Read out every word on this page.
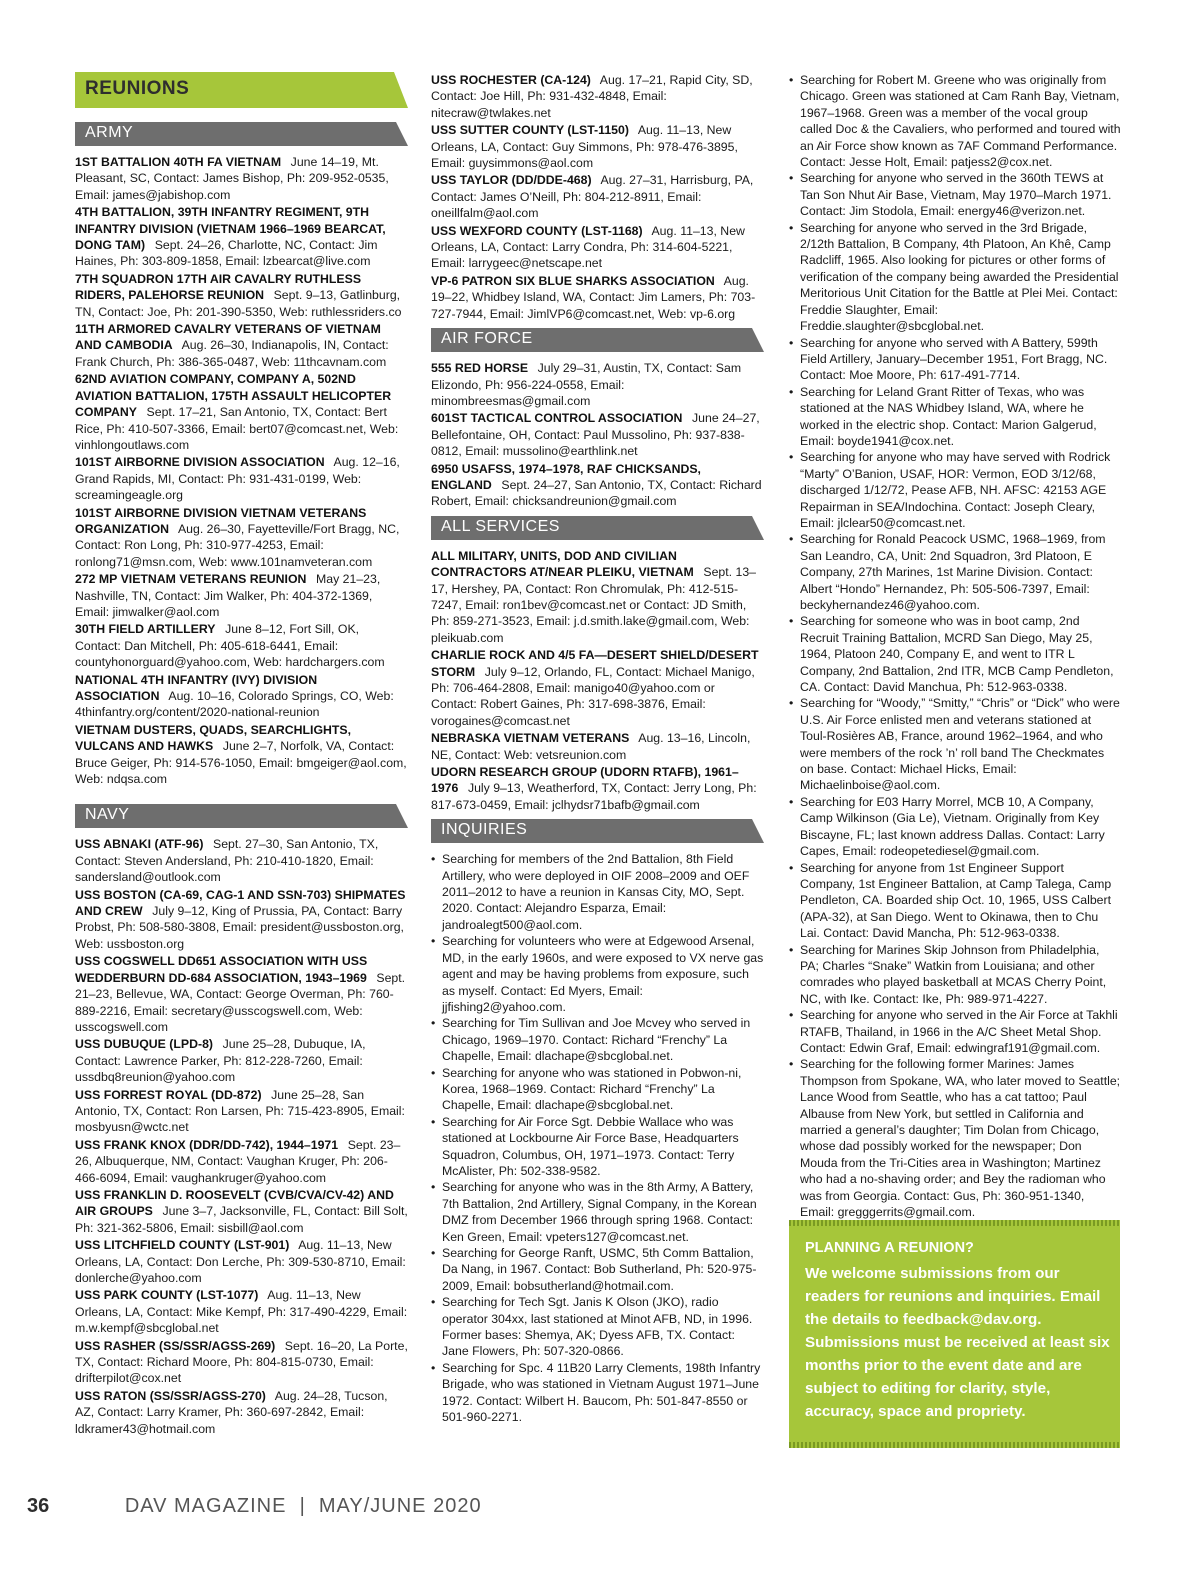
REUNIONS
ARMY

1ST BATTALION 40TH FA VIETNAM  June 14–19, Mt. Pleasant, SC, Contact: James Bishop, Ph: 209-952-0535, Email: james@jabishop.com

4TH BATTALION, 39TH INFANTRY REGIMENT, 9TH INFANTRY DIVISION (VIETNAM 1966–1969 BEARCAT, DONG TAM)  Sept. 24–26, Charlotte, NC, Contact: Jim Haines, Ph: 303-809-1858, Email: lzbearcat@live.com

7TH SQUADRON 17TH AIR CAVALRY RUTHLESS RIDERS, PALEHORSE REUNION  Sept. 9–13, Gatlinburg, TN, Contact: Joe, Ph: 201-390-5350, Web: ruthlessriders.co

11TH ARMORED CAVALRY VETERANS OF VIETNAM AND CAMBODIA  Aug. 26–30, Indianapolis, IN, Contact: Frank Church, Ph: 386-365-0487, Web: 11thcavnam.com

62ND AVIATION COMPANY, COMPANY A, 502ND AVIATION BATTALION, 175TH ASSAULT HELICOPTER COMPANY  Sept. 17–21, San Antonio, TX, Contact: Bert Rice, Ph: 410-507-3366, Email: bert07@comcast.net, Web: vinhlongoutlaws.com

101ST AIRBORNE DIVISION ASSOCIATION  Aug. 12–16, Grand Rapids, MI, Contact: Ph: 931-431-0199, Web: screamingeagle.org

101ST AIRBORNE DIVISION VIETNAM VETERANS ORGANIZATION  Aug. 26–30, Fayetteville/Fort Bragg, NC, Contact: Ron Long, Ph: 310-977-4253, Email: ronlong71@msn.com, Web: www.101namveteran.com

272 MP VIETNAM VETERANS REUNION  May 21–23, Nashville, TN, Contact: Jim Walker, Ph: 404-372-1369, Email: jimwalker@aol.com

30TH FIELD ARTILLERY  June 8–12, Fort Sill, OK, Contact: Dan Mitchell, Ph: 405-618-6441, Email: countyhonorguard@yahoo.com, Web: hardchargers.com

NATIONAL 4TH INFANTRY (IVY) DIVISION ASSOCIATION  Aug. 10–16, Colorado Springs, CO, Web: 4thinfantry.org/content/2020-national-reunion

VIETNAM DUSTERS, QUADS, SEARCHLIGHTS, VULCANS AND HAWKS  June 2–7, Norfolk, VA, Contact: Bruce Geiger, Ph: 914-576-1050, Email: bmgeiger@aol.com, Web: ndqsa.com

NAVY

USS ABNAKI (ATF-96)  Sept. 27–30, San Antonio, TX, Contact: Steven Andersland, Ph: 210-410-1820, Email: sandersland@outlook.com

USS BOSTON (CA-69, CAG-1 AND SSN-703) SHIPMATES AND CREW  July 9–12, King of Prussia, PA, Contact: Barry Probst, Ph: 508-580-3808, Email: president@ussboston.org, Web: ussboston.org

USS COGSWELL DD651 ASSOCIATION WITH USS WEDDERBURN DD-684 ASSOCIATION, 1943–1969  Sept. 21–23, Bellevue, WA, Contact: George Overman, Ph: 760-889-2216, Email: secretary@usscogswell.com, Web: usscogswell.com

USS DUBUQUE (LPD-8)  June 25–28, Dubuque, IA, Contact: Lawrence Parker, Ph: 812-228-7260, Email: ussdbq8reunion@yahoo.com

USS FORREST ROYAL (DD-872)  June 25–28, San Antonio, TX, Contact: Ron Larsen, Ph: 715-423-8905, Email: mosbyusn@wctc.net

USS FRANK KNOX (DDR/DD-742), 1944–1971  Sept. 23–26, Albuquerque, NM, Contact: Vaughan Kruger, Ph: 206-466-6094, Email: vaughankruger@yahoo.com

USS FRANKLIN D. ROOSEVELT (CVB/CVA/CV-42) AND AIR GROUPS  June 3–7, Jacksonville, FL, Contact: Bill Solt, Ph: 321-362-5806, Email: sisbill@aol.com

USS LITCHFIELD COUNTY (LST-901)  Aug. 11–13, New Orleans, LA, Contact: Don Lerche, Ph: 309-530-8710, Email: donlerche@yahoo.com

USS PARK COUNTY (LST-1077)  Aug. 11–13, New Orleans, LA, Contact: Mike Kempf, Ph: 317-490-4229, Email: m.w.kempf@sbcglobal.net

USS RASHER (SS/SSR/AGSS-269)  Sept. 16–20, La Porte, TX, Contact: Richard Moore, Ph: 804-815-0730, Email: drifterpilot@cox.net

USS RATON (SS/SSR/AGSS-270)  Aug. 24–28, Tucson, AZ, Contact: Larry Kramer, Ph: 360-697-2842, Email: ldkramer43@hotmail.com

USS ROCHESTER (CA-124)  Aug. 17–21, Rapid City, SD, Contact: Joe Hill, Ph: 931-432-4848, Email: nitecraw@twlakes.net

USS SUTTER COUNTY (LST-1150)  Aug. 11–13, New Orleans, LA, Contact: Guy Simmons, Ph: 978-476-3895, Email: guysimmons@aol.com

USS TAYLOR (DD/DDE-468)  Aug. 27–31, Harrisburg, PA, Contact: James O’Neill, Ph: 804-212-8911, Email: oneillfalm@aol.com

USS WEXFORD COUNTY (LST-1168)  Aug. 11–13, New Orleans, LA, Contact: Larry Condra, Ph: 314-604-5221, Email: larrygeec@netscape.net

VP-6 PATRON SIX BLUE SHARKS ASSOCIATION  Aug. 19–22, Whidbey Island, WA, Contact: Jim Lamers, Ph: 703-727-7944, Email: JimlVP6@comcast.net, Web: vp-6.org

AIR FORCE

555 RED HORSE  July 29–31, Austin, TX, Contact: Sam Elizondo, Ph: 956-224-0558, Email: minombreesmas@gmail.com

601ST TACTICAL CONTROL ASSOCIATION  June 24–27, Bellefontaine, OH, Contact: Paul Mussolino, Ph: 937-838-0812, Email: mussolino@earthlink.net

6950 USAFSS, 1974–1978, RAF CHICKSANDS, ENGLAND  Sept. 24–27, San Antonio, TX, Contact: Richard Robert, Email: chicksandreunion@gmail.com

ALL SERVICES

ALL MILITARY, UNITS, DOD AND CIVILIAN CONTRACTORS AT/NEAR PLEIKU, VIETNAM  Sept. 13–17, Hershey, PA, Contact: Ron Chromulak, Ph: 412-515-7247, Email: ron1bev@comcast.net or Contact: JD Smith, Ph: 859-271-3523, Email: j.d.smith.lake@gmail.com, Web: pleikuab.com

CHARLIE ROCK AND 4/5 FA—DESERT SHIELD/DESERT STORM  July 9–12, Orlando, FL, Contact: Michael Manigo, Ph: 706-464-2808, Email: manigo40@yahoo.com or Contact: Robert Gaines, Ph: 317-698-3876, Email: vorogaines@comcast.net

NEBRASKA VIETNAM VETERANS  Aug. 13–16, Lincoln, NE, Contact: Web: vetsreunion.com

UDORN RESEARCH GROUP (UDORN RTAFB), 1961–1976  July 9–13, Weatherford, TX, Contact: Jerry Long, Ph: 817-673-0459, Email: jclhydsr71bafb@gmail.com

INQUIRIES
• Searching for members of the 2nd Battalion, 8th Field Artillery, who were deployed in OIF 2008–2009 and OEF 2011–2012 to have a reunion in Kansas City, MO, Sept. 2020. Contact: Alejandro Esparza, Email: jandroalegt500@aol.com.
• Searching for volunteers who were at Edgewood Arsenal, MD, in the early 1960s, and were exposed to VX nerve gas agent and may be having problems from exposure, such as myself. Contact: Ed Myers, Email: jjfishing2@yahoo.com.
• Searching for Tim Sullivan and Joe Mcvey who served in Chicago, 1969–1970. Contact: Richard “Frenchy” La Chapelle, Email: dlachape@sbcglobal.net.
• Searching for anyone who was stationed in Pobwon-ni, Korea, 1968–1969. Contact: Richard “Frenchy” La Chapelle, Email: dlachape@sbcglobal.net.
• Searching for Air Force Sgt. Debbie Wallace who was stationed at Lockbourne Air Force Base, Headquarters Squadron, Columbus, OH, 1971–1973. Contact: Terry McAlister, Ph: 502-338-9582.
• Searching for anyone who was in the 8th Army, A Battery, 7th Battalion, 2nd Artillery, Signal Company, in the Korean DMZ from December 1966 through spring 1968. Contact: Ken Green, Email: vpeters127@comcast.net.
• Searching for George Ranft, USMC, 5th Comm Battalion, Da Nang, in 1967. Contact: Bob Sutherland, Ph: 520-975-2009, Email: bobsutherland@hotmail.com.
• Searching for Tech Sgt. Janis K Olson (JKO), radio operator 304xx, last stationed at Minot AFB, ND, in 1996. Former bases: Shemya, AK; Dyess AFB, TX. Contact: Jane Flowers, Ph: 507-320-0866.
• Searching for Spc. 4 11B20 Larry Clements, 198th Infantry Brigade, who was stationed in Vietnam August 1971–June 1972. Contact: Wilbert H. Baucom, Ph: 501-847-8550 or 501-960-2271.
• Searching for Robert M. Greene who was originally from Chicago. Green was stationed at Cam Ranh Bay, Vietnam, 1967–1968. Green was a member of the vocal group called Doc & the Cavaliers, who performed and toured with an Air Force show known as 7AF Command Performance. Contact: Jesse Holt, Email: patjess2@cox.net.
• Searching for anyone who served in the 360th TEWS at Tan Son Nhut Air Base, Vietnam, May 1970–March 1971. Contact: Jim Stodola, Email: energy46@verizon.net.
• Searching for anyone who served in the 3rd Brigade, 2/12th Battalion, B Company, 4th Platoon, An Khê, Camp Radcliff, 1965. Also looking for pictures or other forms of verification of the company being awarded the Presidential Meritorious Unit Citation for the Battle at Plei Mei. Contact: Freddie Slaughter, Email: Freddie.slaughter@sbcglobal.net.
• Searching for anyone who served with A Battery, 599th Field Artillery, January–December 1951, Fort Bragg, NC. Contact: Moe Moore, Ph: 617-491-7714.
• Searching for Leland Grant Ritter of Texas, who was stationed at the NAS Whidbey Island, WA, where he worked in the electric shop. Contact: Marion Galgerud, Email: boyde1941@cox.net.
• Searching for anyone who may have served with Rodrick “Marty” O’Banion, USAF, HOR: Vermon, EOD 3/12/68, discharged 1/12/72, Pease AFB, NH. AFSC: 42153 AGE Repairman in SEA/Indochina. Contact: Joseph Cleary, Email: jlclear50@comcast.net.
• Searching for Ronald Peacock USMC, 1968–1969, from San Leandro, CA, Unit: 2nd Squadron, 3rd Platoon, E Company, 27th Marines, 1st Marine Division. Contact: Albert “Hondo” Hernandez, Ph: 505-506-7397, Email: beckyhernandez46@yahoo.com.
• Searching for someone who was in boot camp, 2nd Recruit Training Battalion, MCRD San Diego, May 25, 1964, Platoon 240, Company E, and went to ITR L Company, 2nd Battalion, 2nd ITR, MCB Camp Pendleton, CA. Contact: David Manchua, Ph: 512-963-0338.
• Searching for “Woody,” “Smitty,” “Chris” or “Dick” who were U.S. Air Force enlisted men and veterans stationed at Toul-Rosières AB, France, around 1962–1964, and who were members of the rock ’n’ roll band The Checkmates on base. Contact: Michael Hicks, Email: Michaelinboise@aol.com.
• Searching for E03 Harry Morrel, MCB 10, A Company, Camp Wilkinson (Gia Le), Vietnam. Originally from Key Biscayne, FL; last known address Dallas. Contact: Larry Capes, Email: rodeopetediesel@gmail.com.
• Searching for anyone from 1st Engineer Support Company, 1st Engineer Battalion, at Camp Talega, Camp Pendleton, CA. Boarded ship Oct. 10, 1965, USS Calbert (APA-32), at San Diego. Went to Okinawa, then to Chu Lai. Contact: David Mancha, Ph: 512-963-0338.
• Searching for Marines Skip Johnson from Philadelphia, PA; Charles “Snake” Watkin from Louisiana; and other comrades who played basketball at MCAS Cherry Point, NC, with Ike. Contact: Ike, Ph: 989-971-4227.
• Searching for anyone who served in the Air Force at Takhli RTAFB, Thailand, in 1966 in the A/C Sheet Metal Shop. Contact: Edwin Graf, Email: edwingraf191@gmail.com.
• Searching for the following former Marines: James Thompson from Spokane, WA, who later moved to Seattle; Lance Wood from Seattle, who has a cat tattoo; Paul Albause from New York, but settled in California and married a general’s daughter; Tim Dolan from Chicago, whose dad possibly worked for the newspaper; Don Mouda from the Tri-Cities area in Washington; Martinez who had a no-shaving order; and Bey the radioman who was from Georgia. Contact: Gus, Ph: 360-951-1340, Email: gregggerrits@gmail.com.
PLANNING A REUNION?
We welcome submissions from our readers for reunions and inquiries. Email the details to feedback@dav.org. Submissions must be received at least six months prior to the event date and are subject to editing for clarity, style, accuracy, space and propriety.
36	DAV MAGAZINE  |  MAY/JUNE 2020
